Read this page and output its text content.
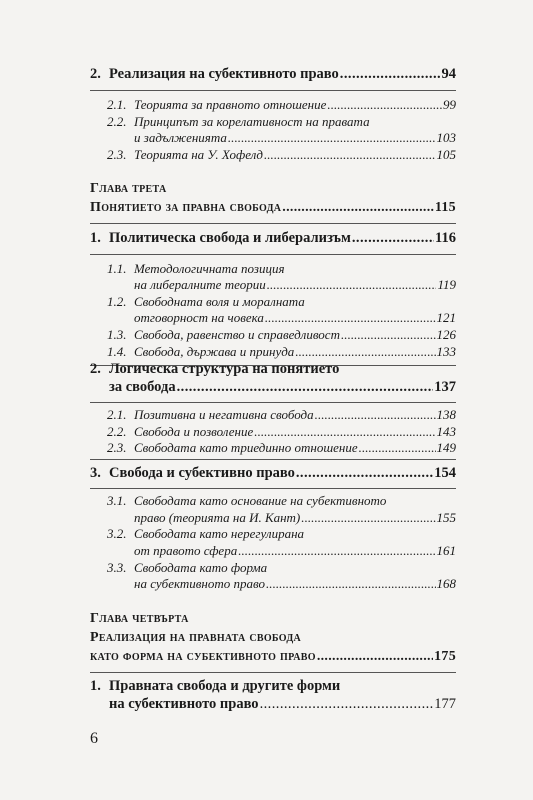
2. Реализация на субективното право . . .	94
2.1. Теорията за правното отношение . . .	99
2.2. Принципът за корелативност на правата
и задълженията . . .	103
2.3. Теорията на У. Хофелд . . .	105
Глава трета
Понятието за правна свобода . . .	115
1. Политическа свобода и либерализъм . . .	116
1.1. Методологичната позиция
на либералните теории . . .	119
1.2. Свободната воля и моралната
отговорност на човека . . .	121
1.3. Свобода, равенство и справедливост . . .	126
1.4. Свобода, държава и принуда . . .	133
2. Логическа структура на понятието
за свобода . . .	137
2.1. Позитивна и негативна свобода . . .	138
2.2. Свобода и позволение . . .	143
2.3. Свободата като триединно отношение . . .	149
3. Свобода и субективно право . . .	154
3.1. Свободата като основание на субективното
право (теорията на И. Кант) . . .	155
3.2. Свободата като нерегулирана
от правото сфера . . .	161
3.3. Свободата като форма
на субективното право . . .	168
Глава четвърта
Реализация на правната свобода
като форма на субективното право . . .	175
1. Правната свобода и другите форми
на субективното право . . .	177
6
